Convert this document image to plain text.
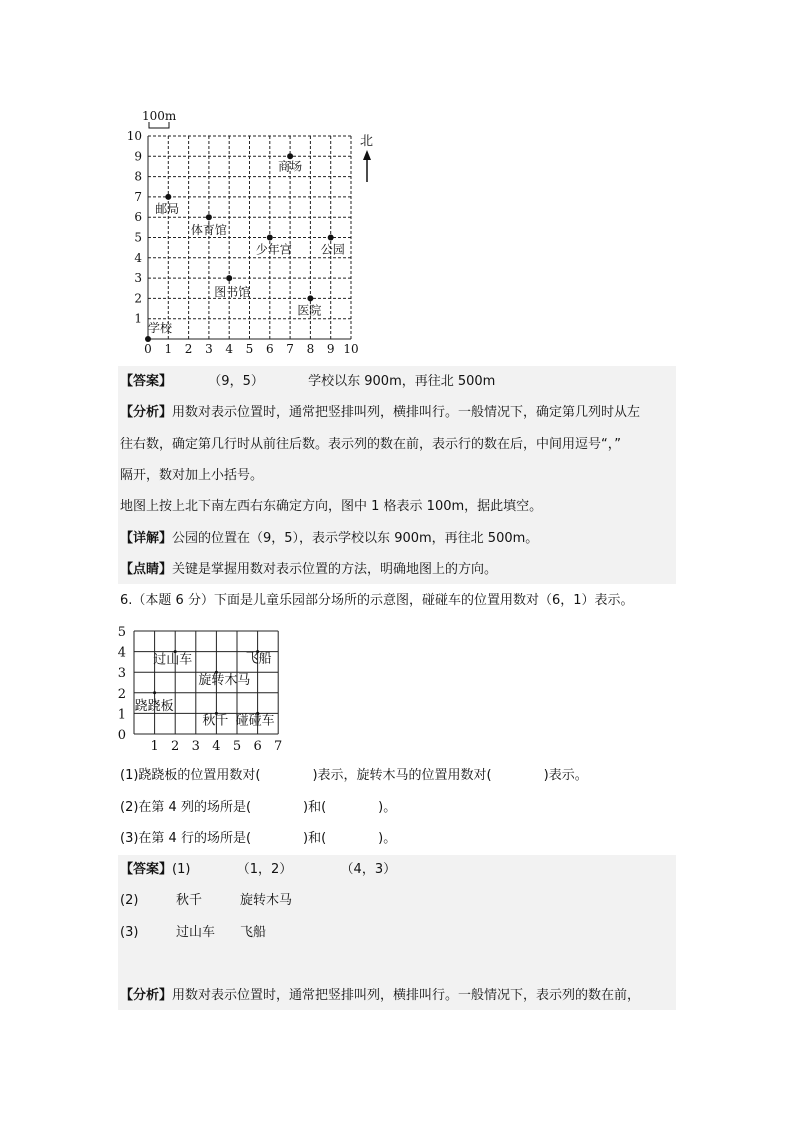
0 1
1
2
2
3
3
4
4
5
5
6
6
7
7
8
8
9
9
10
10
学校
邮局
体育馆
商场
少年宫 公园
图书馆
医院
100m
北
【答案】	（9，5）	学校以东 900m，再往北 500m
【分析】用数对表示位置时，通常把竖排叫列，横排叫行。一般情况下，确定第几列时从左
往右数，确定第几行时从前往后数。表示列的数在前，表示行的数在后，中间用逗号“，”
隔开，数对加上小括号。
地图上按上北下南左西右东确定方向，图中 1 格表示 100m，据此填空。
【详解】公园的位置在（9，5），表示学校以东 900m，再往北 500m。
【点睛】关键是掌握用数对表示位置的方法，明确地图上的方向。
6.（本题 6 分）下面是儿童乐园部分场所的示意图，碰碰车的位置用数对（6，1）表示。
1 2 3 4 5 6 7
0
1
2
3
4
5
过山车	飞船
旋转木马
跷跷板
秋千 碰碰车
(1)跷跷板的位置用数对(　　　　)表示，旋转木马的位置用数对(　　　　)表示。
(2)在第 4 列的场所是(　　　　)和(　　　　)。
(3)在第 4 行的场所是(　　　　)和(　　　　)。
【答案】(1)	（1，2）	（4，3）
(2)	秋千	旋转木马
(3)	过山车 飞船
【分析】用数对表示位置时，通常把竖排叫列，横排叫行。一般情况下，表示列的数在前，
